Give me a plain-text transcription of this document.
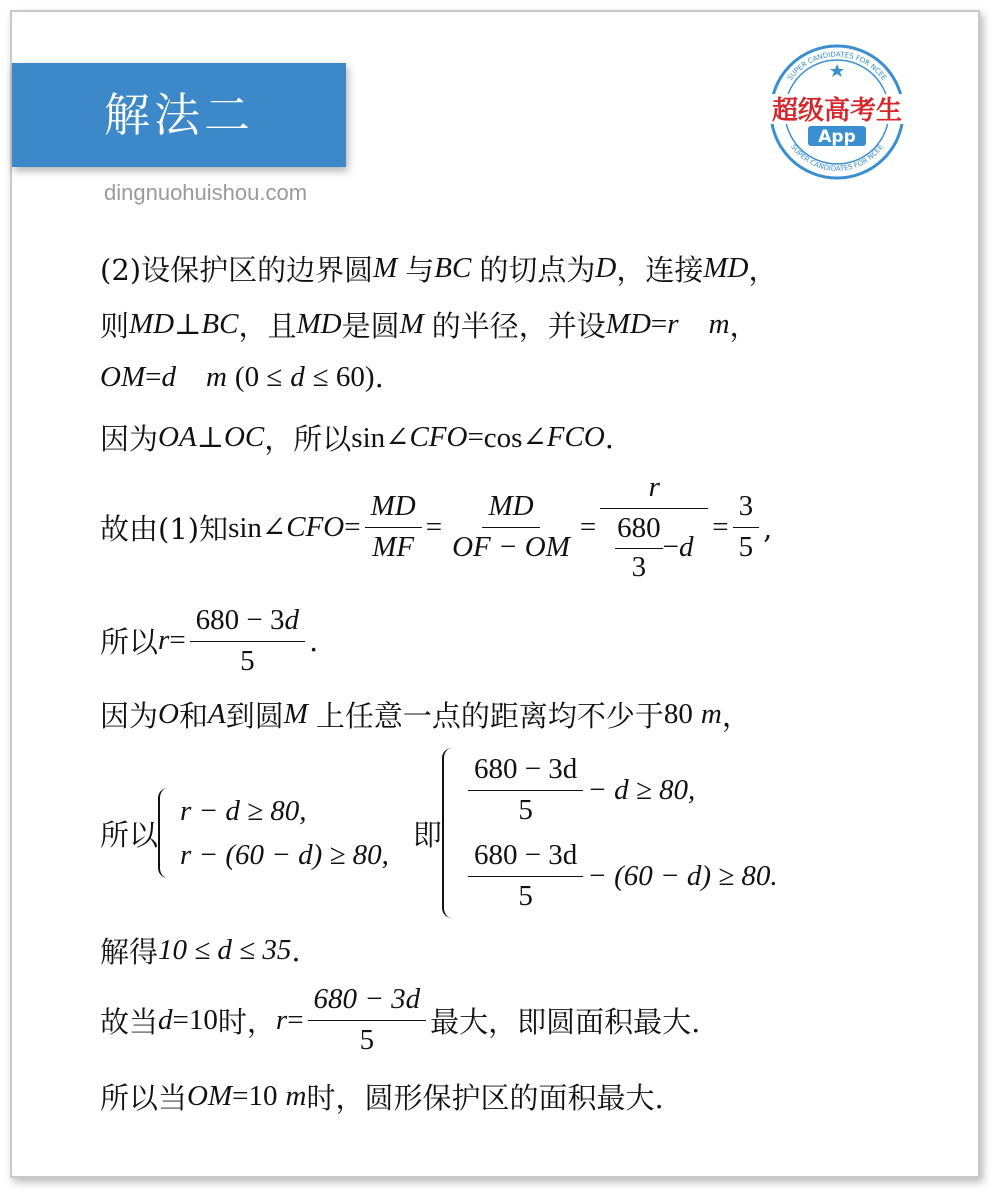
解法二
dingnuohuishou.com
超级高考生
App
SUPER CANDIDATES FOR NCEE
SUPER CANDIDATES FOR NCEE
(2)设保护区的边界圆 M 与 BC 的切点为 D ，连接 MD ，
则 MD ⊥ BC ，且 MD 是圆 M 的半径，并设 MD = r m ，
OM = d m (0 ≤ d ≤ 60) .
因为 OA ⊥ OC ，所以 sin∠ CFO = cos∠ FCO .
故由(1)知 sin∠ CFO = $\frac{MD}{MF} = \frac{MD}{OF - OM} = \frac{r}{\frac{680}{3} - d} = \frac{3}{5}$ ,
所以 $r = \frac{680 - 3d}{5}$ .
因为 O 和 A 到圆 M 上任意一点的距离均不少于 80 m ，
所以
r − d ≥ 80,
r − (60 − d) ≥ 80,
即
$\frac{680 - 3d}{5} - d \ge 80$,
$\frac{680 - 3d}{5} - (60 - d) \ge 80$.
解得 10 ≤ d ≤ 35 .
故当 d =10 时， $r = \frac{680 - 3d}{5}$ 最大，即圆面积最大.
所以当 OM =10 m 时，圆形保护区的面积最大.
